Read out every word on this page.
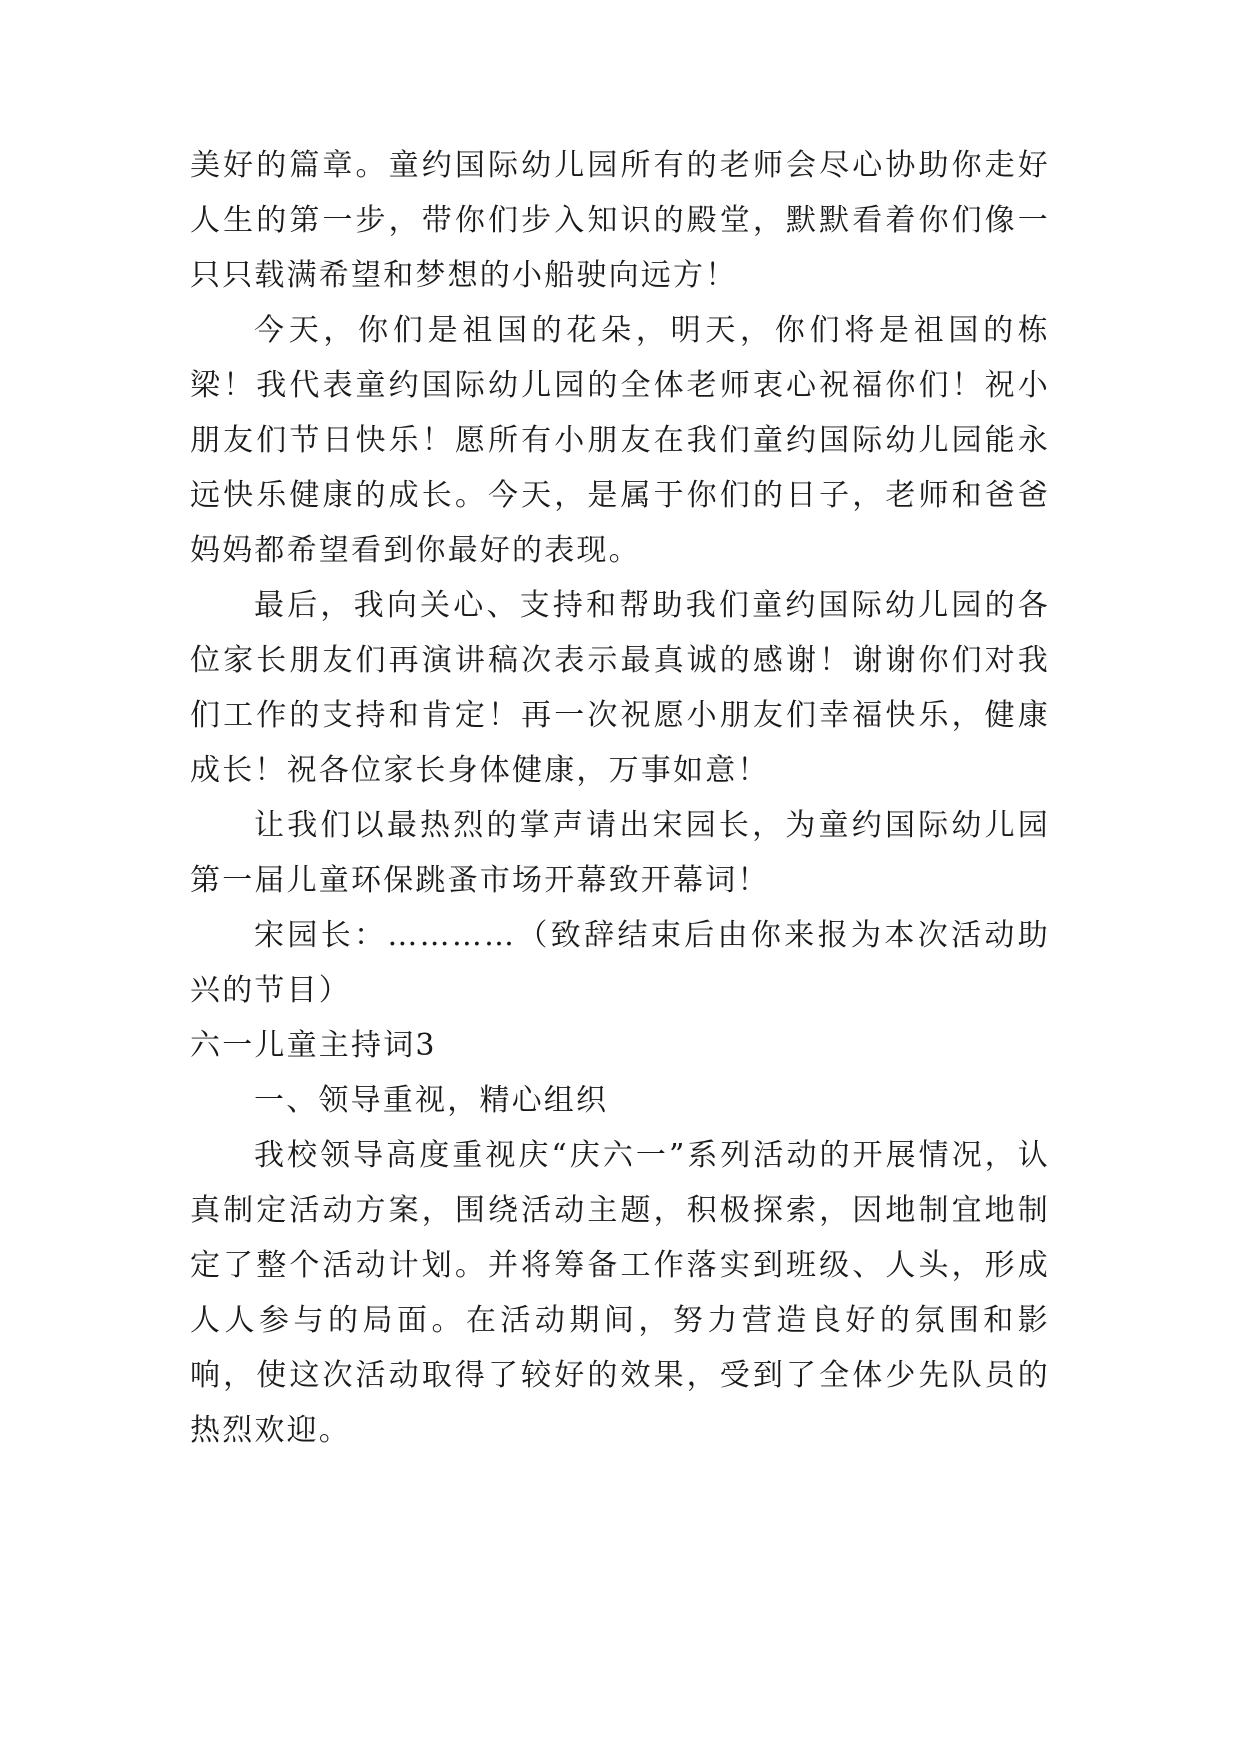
美好的篇章。童约国际幼儿园所有的老师会尽心协助你走好人生的第一步，带你们步入知识的殿堂，默默看着你们像一只只载满希望和梦想的小船驶向远方！

今天，你们是祖国的花朵，明天，你们将是祖国的栋梁！我代表童约国际幼儿园的全体老师衷心祝福你们！祝小朋友们节日快乐！愿所有小朋友在我们童约国际幼儿园能永远快乐健康的成长。今天，是属于你们的日子，老师和爸爸妈妈都希望看到你最好的表现。

最后，我向关心、支持和帮助我们童约国际幼儿园的各位家长朋友们再演讲稿次表示最真诚的感谢！谢谢你们对我们工作的支持和肯定！再一次祝愿小朋友们幸福快乐，健康成长！祝各位家长身体健康，万事如意！

让我们以最热烈的掌声请出宋园长，为童约国际幼儿园第一届儿童环保跳蚤市场开幕致开幕词！

宋园长：…………（致辞结束后由你来报为本次活动助兴的节目）

六一儿童主持词3

一、领导重视，精心组织

我校领导高度重视庆“庆六一”系列活动的开展情况，认真制定活动方案，围绕活动主题，积极探索，因地制宜地制定了整个活动计划。并将筹备工作落实到班级、人头，形成人人参与的局面。在活动期间，努力营造良好的氛围和影响，使这次活动取得了较好的效果，受到了全体少先队员的热烈欢迎。
